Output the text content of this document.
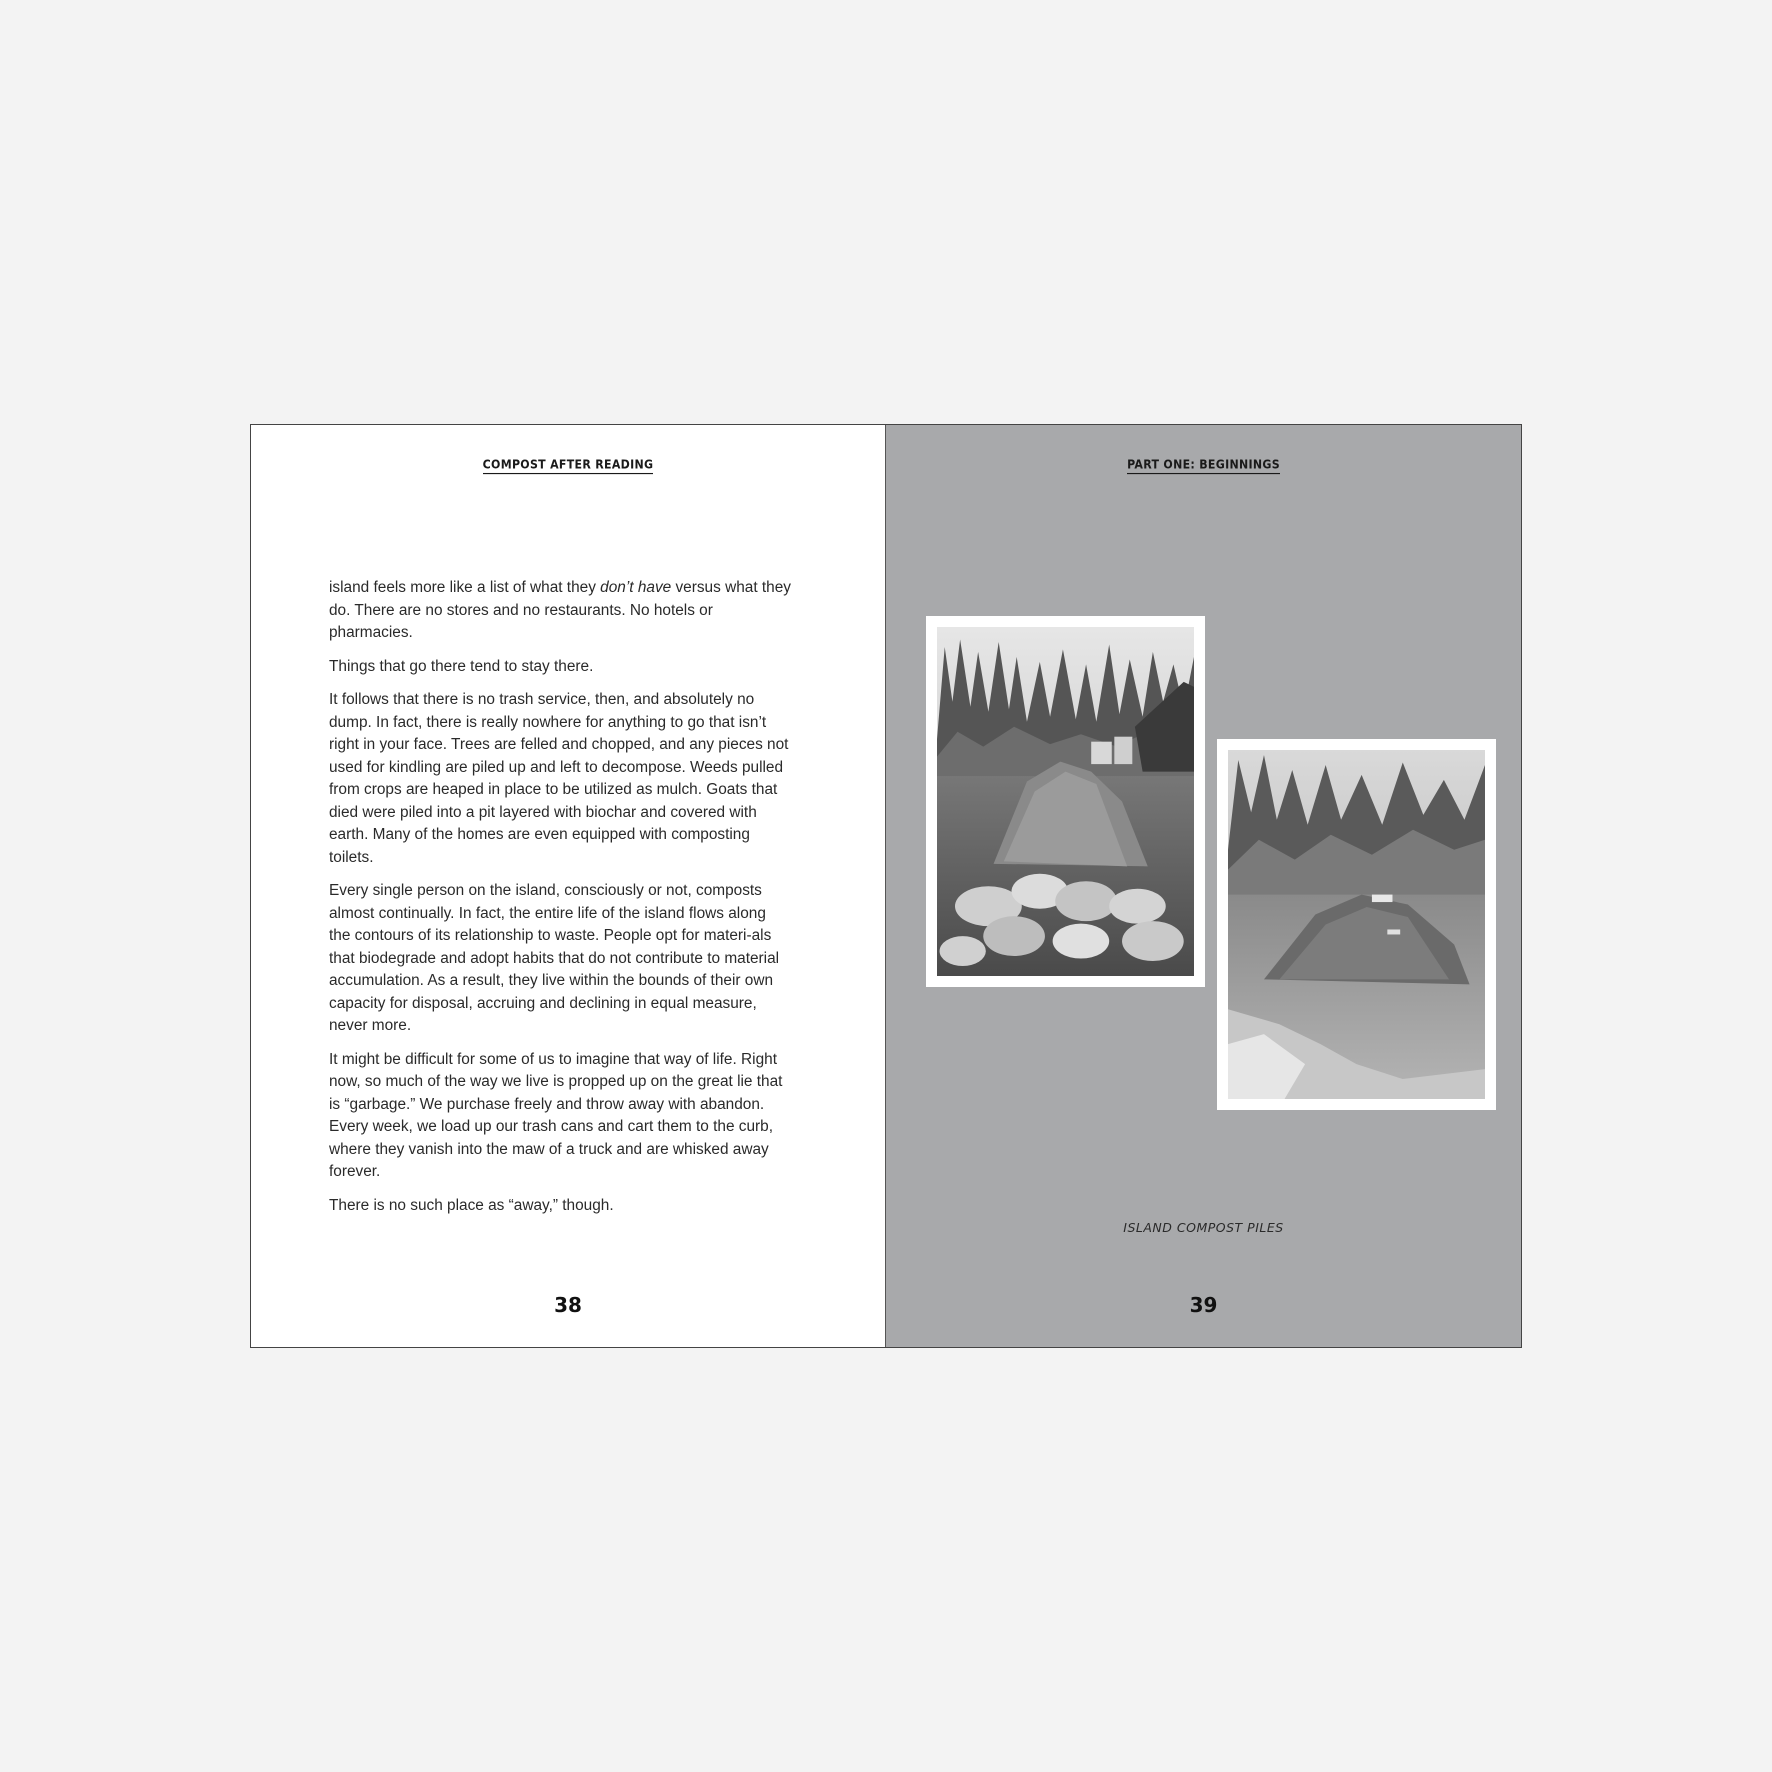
COMPOST AFTER READING

island feels more like a list of what they don’t have versus what they do. There are no stores and no restaurants. No hotels or pharmacies.

Things that go there tend to stay there.

It follows that there is no trash service, then, and absolutely no dump. In fact, there is really nowhere for anything to go that isn’t right in your face. Trees are felled and chopped, and any pieces not used for kindling are piled up and left to decompose. Weeds pulled from crops are heaped in place to be utilized as mulch. Goats that died were piled into a pit layered with biochar and covered with earth. Many of the homes are even equipped with composting toilets.

Every single person on the island, consciously or not, composts almost continually. In fact, the entire life of the island flows along the contours of its relationship to waste. People opt for materi-als that biodegrade and adopt habits that do not contribute to material accumulation. As a result, they live within the bounds of their own capacity for disposal, accruing and declining in equal measure, never more.

It might be difficult for some of us to imagine that way of life. Right now, so much of the way we live is propped up on the great lie that is “garbage.” We purchase freely and throw away with abandon. Every week, we load up our trash cans and cart them to the curb, where they vanish into the maw of a truck and are whisked away forever.

There is no such place as “away,” though.

38
PART ONE: BEGINNINGS
ISLAND COMPOST PILES
39
